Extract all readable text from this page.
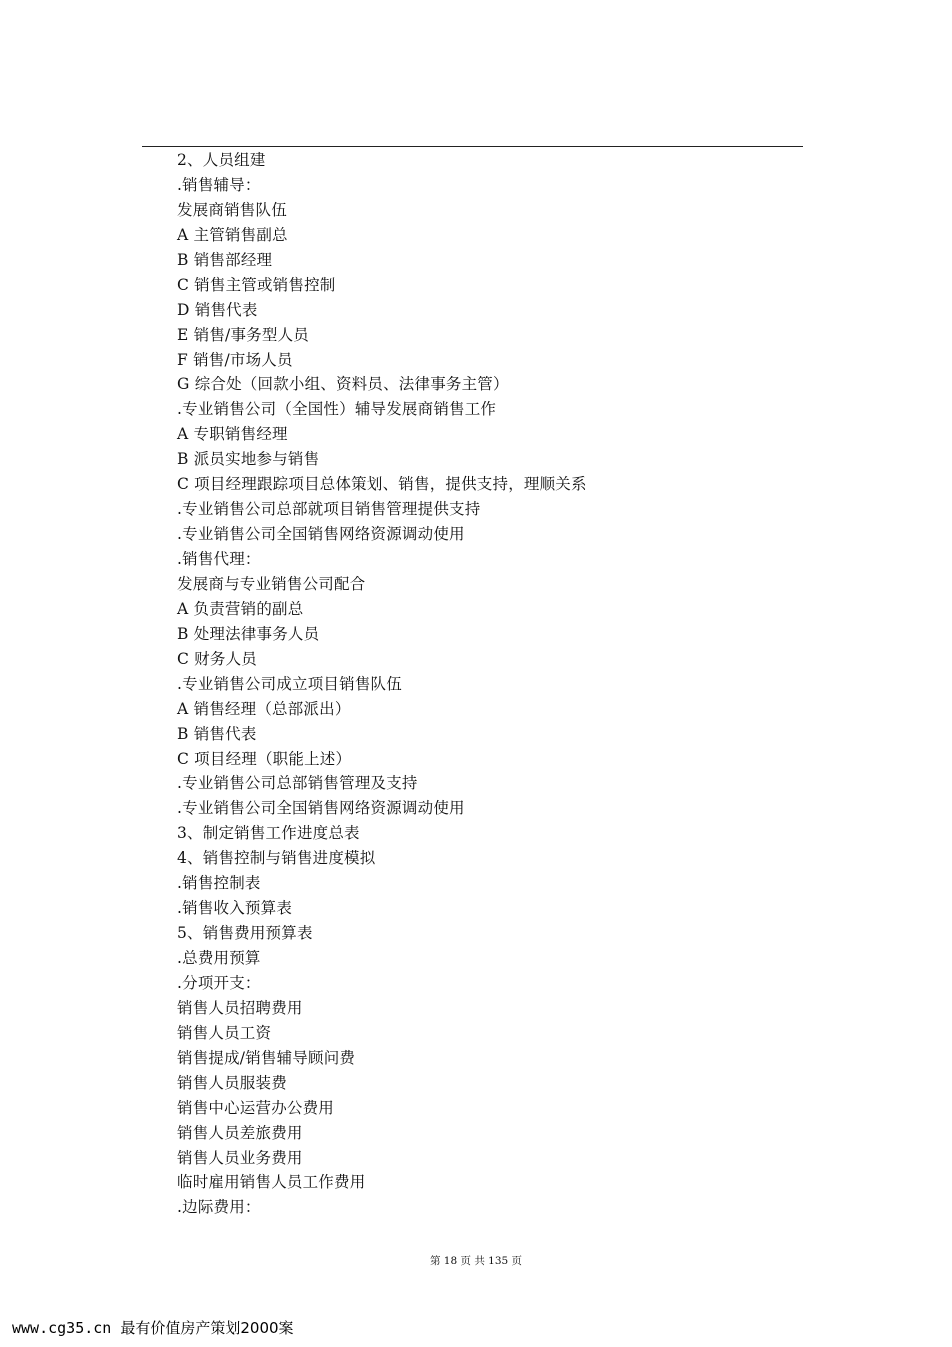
2、人员组建
.销售辅导：
发展商销售队伍
A 主管销售副总
B 销售部经理
C 销售主管或销售控制
D 销售代表
E 销售/事务型人员
F 销售/市场人员
G 综合处（回款小组、资料员、法律事务主管）
.专业销售公司（全国性）辅导发展商销售工作
A 专职销售经理
B 派员实地参与销售
C 项目经理跟踪项目总体策划、销售，提供支持，理顺关系
.专业销售公司总部就项目销售管理提供支持
.专业销售公司全国销售网络资源调动使用
.销售代理：
发展商与专业销售公司配合
A 负责营销的副总
B 处理法律事务人员
C 财务人员
.专业销售公司成立项目销售队伍
A 销售经理（总部派出）
B 销售代表
C 项目经理（职能上述）
.专业销售公司总部销售管理及支持
.专业销售公司全国销售网络资源调动使用
3、制定销售工作进度总表
4、销售控制与销售进度模拟
.销售控制表
.销售收入预算表
5、销售费用预算表
.总费用预算
.分项开支：
销售人员招聘费用
销售人员工资
销售提成/销售辅导顾问费
销售人员服装费
销售中心运营办公费用
销售人员差旅费用
销售人员业务费用
临时雇用销售人员工作费用
.边际费用：
第 18 页 共 135 页
www.cg35.cn 最有价值房产策划2000案
